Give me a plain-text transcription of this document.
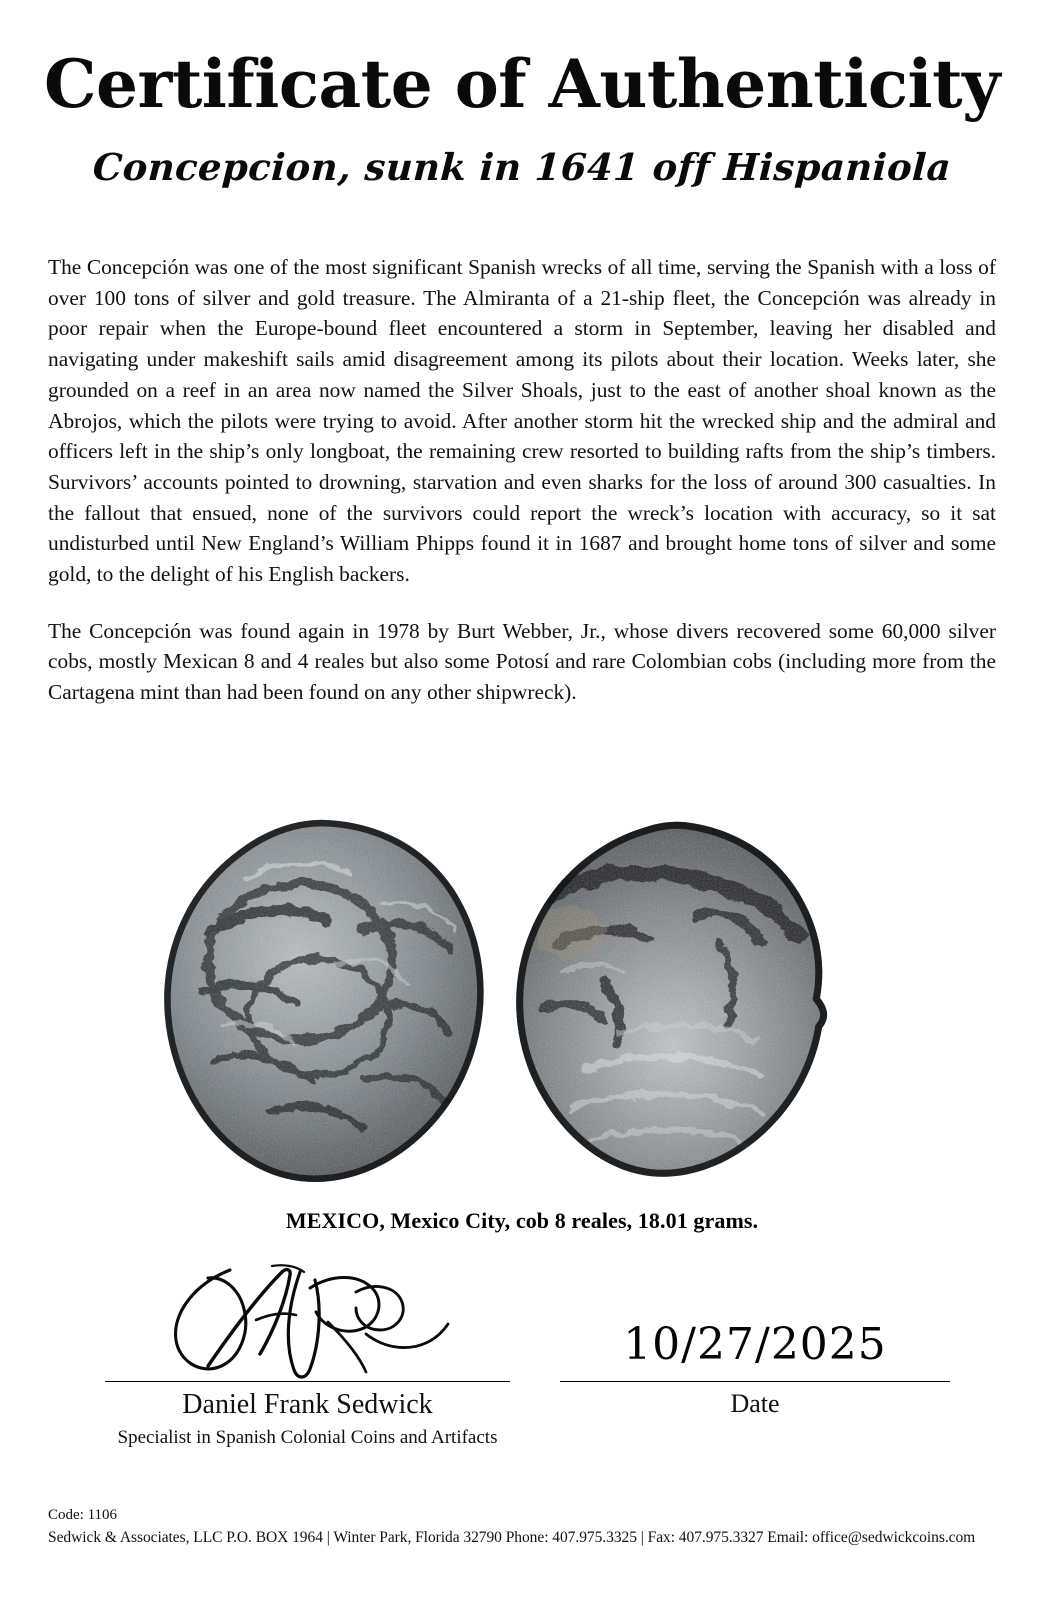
Certificate of Authenticity
Concepcion, sunk in 1641 off Hispaniola

The Concepción was one of the most significant Spanish wrecks of all time, serving the Spanish with a loss of over 100 tons of silver and gold treasure. The Almiranta of a 21-ship fleet, the Concepción was already in poor repair when the Europe-bound fleet encountered a storm in September, leaving her disabled and navigating under makeshift sails amid disagreement among its pilots about their location. Weeks later, she grounded on a reef in an area now named the Silver Shoals, just to the east of another shoal known as the Abrojos, which the pilots were trying to avoid. After another storm hit the wrecked ship and the admiral and officers left in the ship’s only longboat, the remaining crew resorted to building rafts from the ship’s timbers. Survivors’ accounts pointed to drowning, starvation and even sharks for the loss of around 300 casualties. In the fallout that ensued, none of the survivors could report the wreck’s location with accuracy, so it sat undisturbed until New England’s William Phipps found it in 1687 and brought home tons of silver and some gold, to the delight of his English backers.

The Concepción was found again in 1978 by Burt Webber, Jr., whose divers recovered some 60,000 silver cobs, mostly Mexican 8 and 4 reales but also some Potosí and rare Colombian cobs (including more from the Cartagena mint than had been found on any other shipwreck).

MEXICO, Mexico City, cob 8 reales, 18.01 grams.
Daniel Frank Sedwick
Specialist in Spanish Colonial Coins and Artifacts
10/27/2025
Date
Code: 1106
Sedwick & Associates, LLC P.O. BOX 1964 | Winter Park, Florida 32790 Phone: 407.975.3325 | Fax: 407.975.3327 Email: office@sedwickcoins.com
